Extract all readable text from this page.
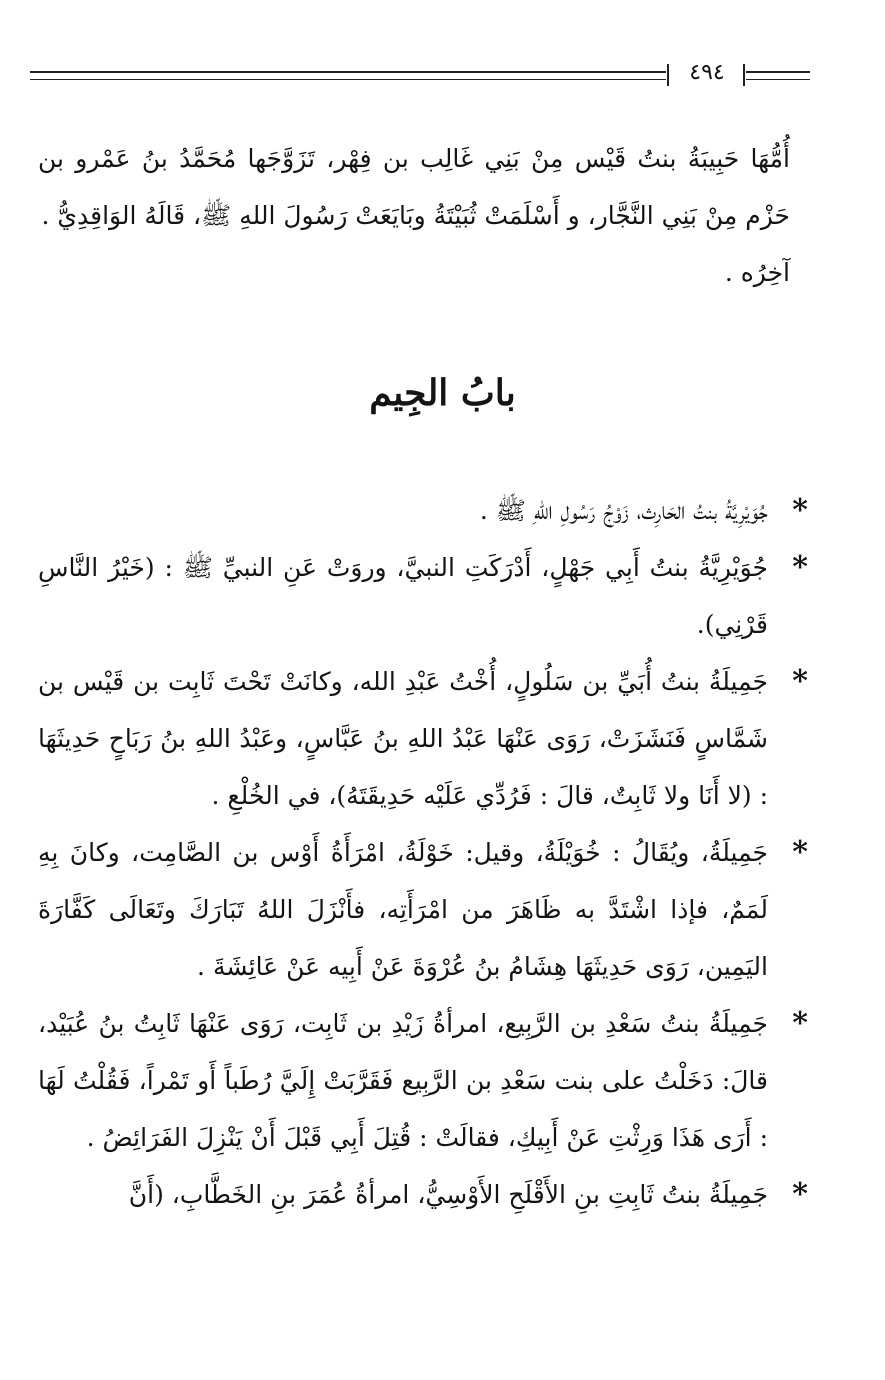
٤٩٤

أُمُّهَا حَبِيبَةُ بنتُ قَيْس مِنْ بَنِي غَالِب بن فِهْر، تَزَوَّجَها مُحَمَّدُ بنُ عَمْرو بن حَزْم مِنْ بَنِي النَّجَّار، و أَسْلَمَتْ ثُبَيْتَةُ وبَايَعَتْ رَسُولَ اللهِ ﷺ، قَالَهُ الوَاقِدِيُّ .

آخِرُه .

بابُ الجِيم

*
جُوَيْرِيَّةُ بنتُ الحَارِث، زَوْجُ رَسُولِ اللهِ ﷺ .

*
جُوَيْرِيَّةُ بنتُ أَبِي جَهْلٍ، أَدْرَكَتِ النبيَّ، وروَتْ عَنِ النبيِّ ﷺ : (خَيْرُ النَّاسِ قَرْنِي).

*
جَمِيلَةُ بنتُ أُبَيِّ بن سَلُولٍ، أُخْتُ عَبْدِ الله، وكانَتْ تَحْتَ ثَابِت بن قَيْس بن شَمَّاسٍ فَنَشَزَتْ، رَوَى عَنْهَا عَبْدُ اللهِ بنُ عَبَّاسٍ، وعَبْدُ اللهِ بنُ رَبَاحٍ حَدِيثَهَا : (لا أَنَا ولا ثَابِتٌ، قالَ : فَرُدِّي عَلَيْه حَدِيقَتَهُ)، في الخُلْعِ .

*
جَمِيلَةُ، ويُقَالُ : خُوَيْلَةُ، وقيل: خَوْلَةُ، امْرَأَةُ أَوْس بن الصَّامِت، وكانَ بِهِ لَمَمٌ، فإذا اشْتَدَّ به ظَاهَرَ من امْرَأَتِه، فأَنْزَلَ اللهُ تَبَارَكَ وتَعَالَى كَفَّارَةَ اليَمِين، رَوَى حَدِيثَهَا هِشَامُ بنُ عُرْوَةَ عَنْ أَبِيه عَنْ عَائِشَةَ .

*
جَمِيلَةُ بنتُ سَعْدِ بن الرَّبِيع، امرأةُ زَيْدِ بن ثَابِت، رَوَى عَنْهَا ثَابِتُ بنُ عُبَيْد، قالَ: دَخَلْتُ على بنت سَعْدِ بن الرَّبِيع فَقَرَّبَتْ إِلَيَّ رُطَباً أَو تَمْراً، فَقُلْتُ لَهَا : أَرَى هَذَا وَرِثْتِ عَنْ أَبِيكِ، فقالَتْ : قُتِلَ أَبِي قَبْلَ أَنْ يَنْزِلَ الفَرَائِضُ .

*
جَمِيلَةُ بنتُ ثَابِتِ بنِ الأَقْلَحِ الأَوْسِيُّ، امرأةُ عُمَرَ بنِ الخَطَّابِ، (أَنَّ
